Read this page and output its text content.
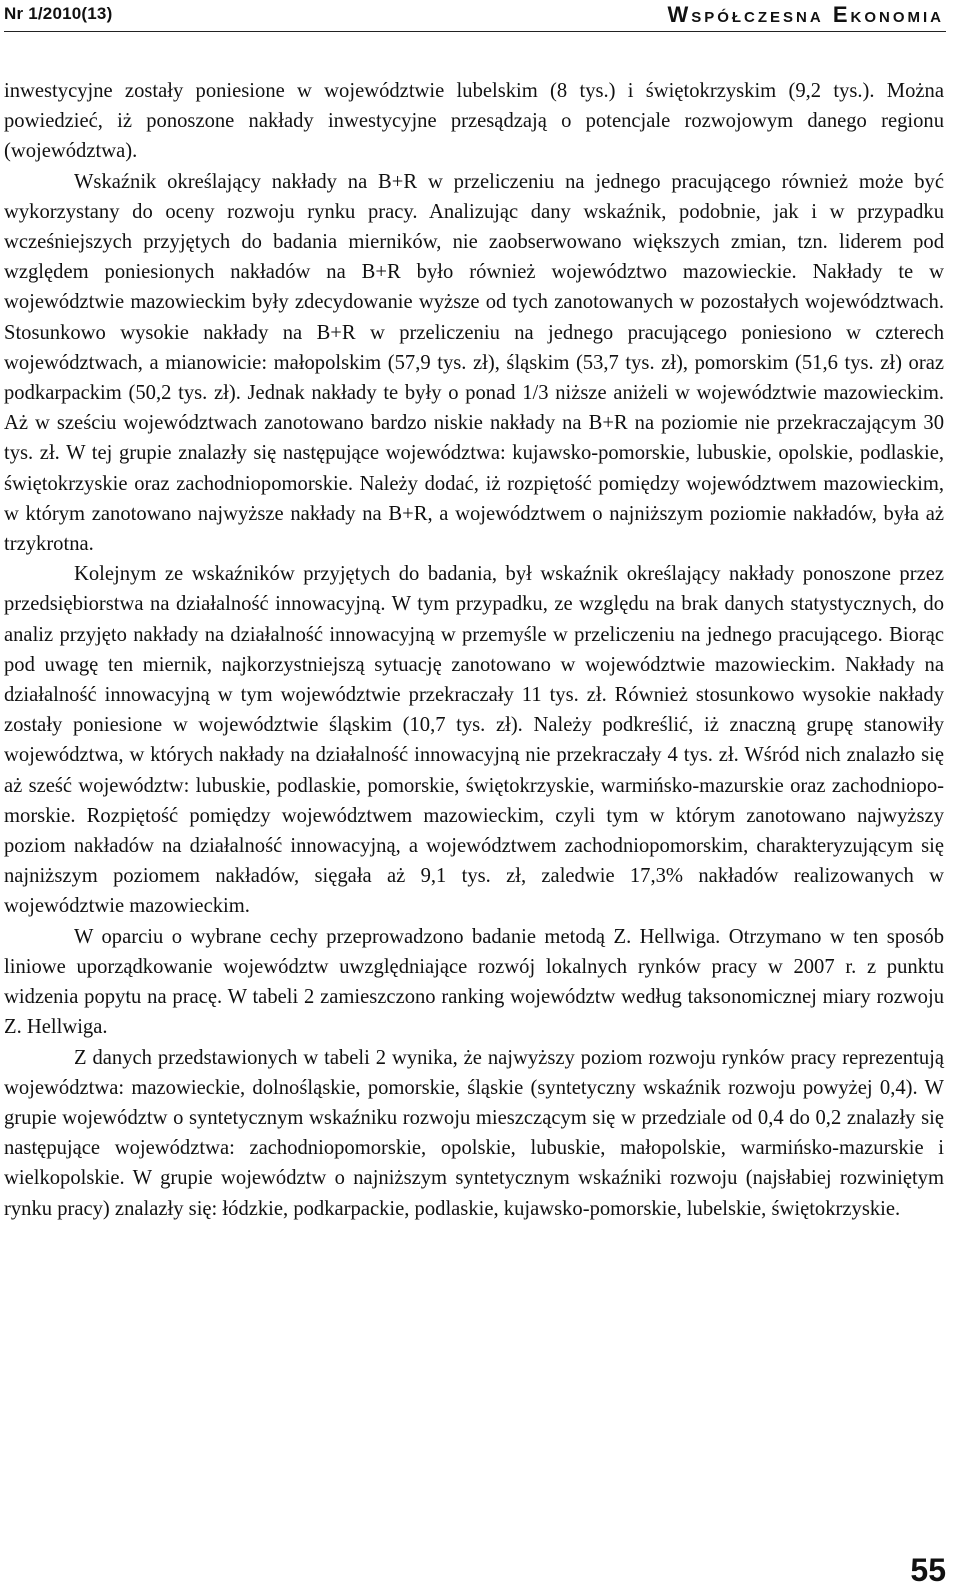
Nr 1/2010(13)	Współczesna Ekonomia

inwestycyjne zostały poniesione w województwie lubelskim (8 tys.) i świętokrzyskim (9,2 tys.). Można powiedzieć, iż ponoszone nakłady inwestycyjne przesądzają o potencjale rozwojowym danego regionu (województwa).

Wskaźnik określający nakłady na B+R w przeliczeniu na jednego pracującego również może być wykorzystany do oceny rozwoju rynku pracy. Analizując dany wskaźnik, podobnie, jak i w przypadku wcześniejszych przyjętych do badania mierników, nie zaobserwowano większych zmian, tzn. liderem pod względem poniesionych nakładów na B+R było również województwo mazowieckie. Nakłady te w województwie mazowieckim były zdecydowanie wyższe od tych zanotowanych w pozostałych województwach. Stosunkowo wysokie nakłady na B+R w przeliczeniu na jednego pracującego poniesiono w czterech województwach, a mianowicie: małopolskim (57,9 tys. zł), śląskim (53,7 tys. zł), pomorskim (51,6 tys. zł) oraz podkarpackim (50,2 tys. zł). Jednak nakłady te były o ponad 1/3 niższe aniżeli w województwie mazowieckim. Aż w sześciu województwach zanotowano bardzo niskie nakłady na B+R na poziomie nie przekraczającym 30 tys. zł. W tej grupie znalazły się następujące województwa: kujawsko-pomorskie, lubuskie, opolskie, podlaskie, świętokrzyskie oraz zachodniopomorskie. Należy dodać, iż rozpiętość pomiędzy województwem mazowieckim, w którym zanotowano najwyższe nakłady na B+R, a województwem o najniższym poziomie nakładów, była aż trzykrotna.

Kolejnym ze wskaźników przyjętych do badania, był wskaźnik określający nakłady ponoszone przez przedsiębiorstwa na działalność innowacyjną. W tym przypadku, ze względu na brak danych statystycznych, do analiz przyjęto nakłady na działalność innowacyjną w przemyśle w przeliczeniu na jednego pracującego. Biorąc pod uwagę ten miernik, najkorzystniejszą sytuację zanotowano w województwie mazowieckim. Nakłady na działalność innowacyjną w tym województwie przekraczały 11 tys. zł. Również stosunkowo wysokie nakłady zostały poniesione w województwie śląskim (10,7 tys. zł). Należy podkreślić, iż znaczną grupę stanowiły województwa, w których nakłady na działalność innowacyjną nie przekraczały 4 tys. zł. Wśród nich znalazło się aż sześć województw: lubuskie, podlaskie, pomorskie, świętokrzyskie, warmińsko-mazurskie oraz zachodniopomorskie. Rozpiętość pomiędzy województwem mazowieckim, czyli tym w którym zanotowano najwyższy poziom nakładów na działalność innowacyjną, a województwem zachodniopomorskim, charakteryzującym się najniższym poziomem nakładów, sięgała aż 9,1 tys. zł, zaledwie 17,3% nakładów realizowanych w województwie mazowieckim.

W oparciu o wybrane cechy przeprowadzono badanie metodą Z. Hellwiga. Otrzymano w ten sposób liniowe uporządkowanie województw uwzględniające rozwój lokalnych rynków pracy w 2007 r. z punktu widzenia popytu na pracę. W tabeli 2 zamieszczono ranking województw według taksonomicznej miary rozwoju Z. Hellwiga.

Z danych przedstawionych w tabeli 2 wynika, że najwyższy poziom rozwoju rynków pracy reprezentują województwa: mazowieckie, dolnośląskie, pomorskie, śląskie (syntetyczny wskaźnik rozwoju powyżej 0,4). W grupie województw o syntetycznym wskaźniku rozwoju mieszczącym się w przedziale od 0,4 do 0,2 znalazły się następujące województwa: zachodniopomorskie, opolskie, lubuskie, małopolskie, warmińsko-mazurskie i wielkopolskie. W grupie województw o najniższym syntetycznym wskaźniki rozwoju (najsłabiej rozwiniętym rynku pracy) znalazły się: łódzkie, podkarpackie, podlaskie, kujawsko-pomorskie, lubelskie, świętokrzyskie.

55
